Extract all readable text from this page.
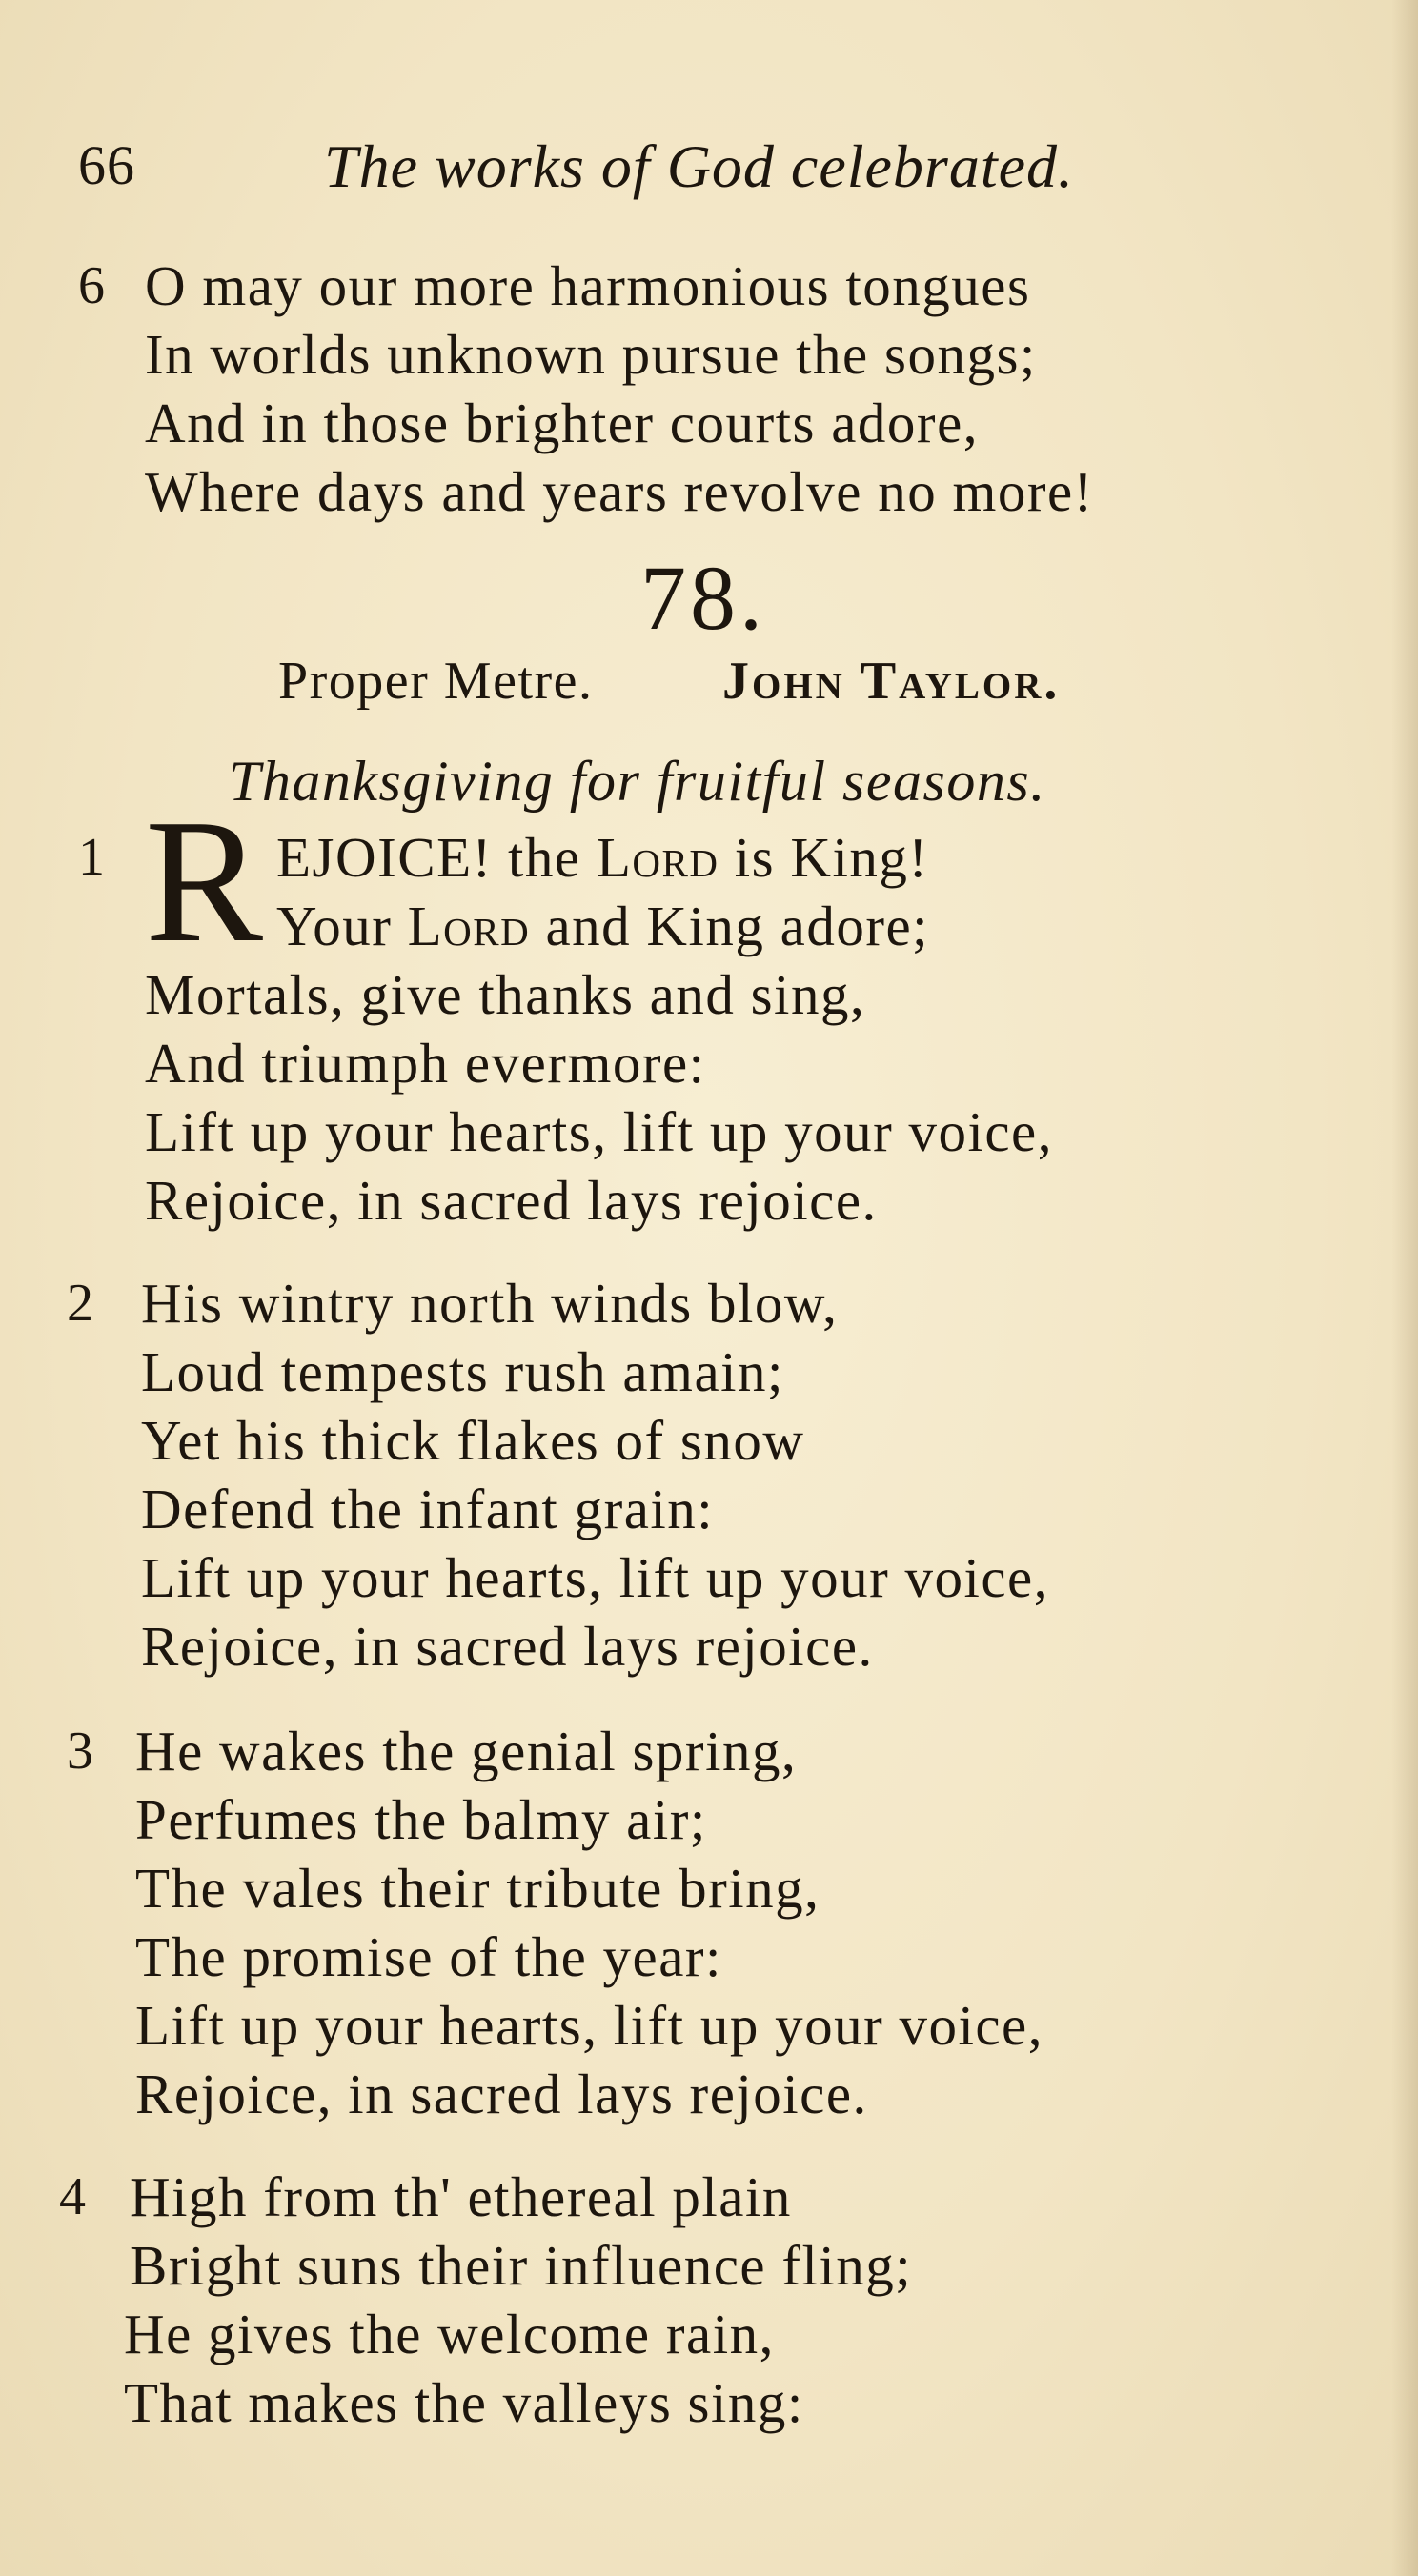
66	The works of God celebrated.
6 O may our more harmonious tongues
In worlds unknown pursue the songs;
And in those brighter courts adore,
Where days and years revolve no more!
78.
Proper Metre. John Taylor.
Thanksgiving for fruitful seasons.
1 R EJOICE! the Lord is King!
Your Lord and King adore;
Mortals, give thanks and sing,
And triumph evermore:
Lift up your hearts, lift up your voice,
Rejoice, in sacred lays rejoice.
2 His wintry north winds blow,
Loud tempests rush amain;
Yet his thick flakes of snow
Defend the infant grain:
Lift up your hearts, lift up your voice,
Rejoice, in sacred lays rejoice.
3 He wakes the genial spring,
Perfumes the balmy air;
The vales their tribute bring,
The promise of the year:
Lift up your hearts, lift up your voice,
Rejoice, in sacred lays rejoice.
4 High from th' ethereal plain
Bright suns their influence fling;
He gives the welcome rain,
That makes the valleys sing:
